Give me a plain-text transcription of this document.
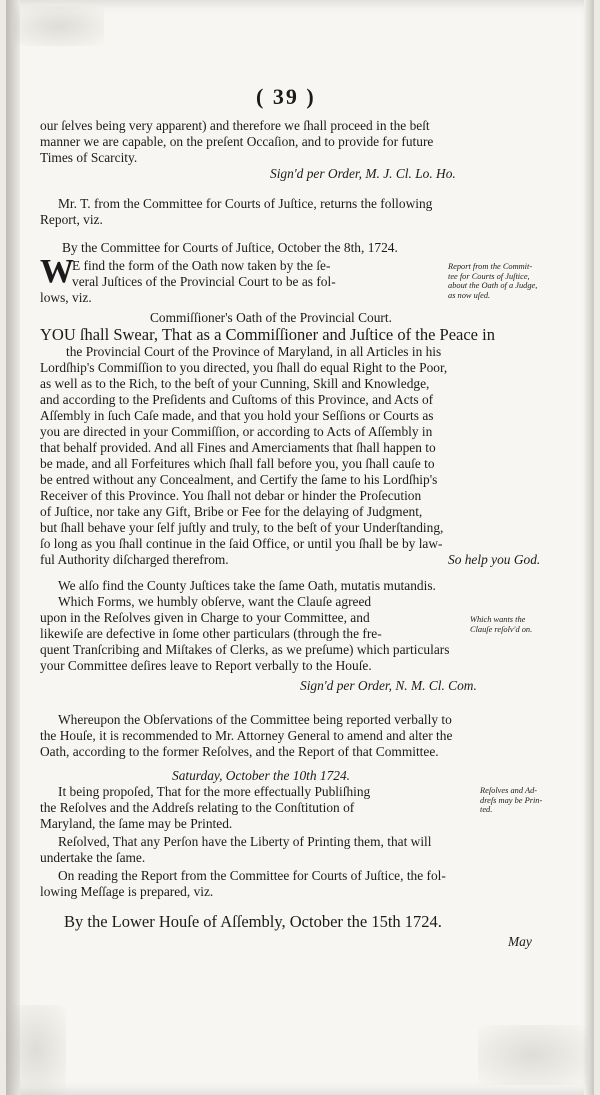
( 39 )
our ſelves being very apparent) and therefore we ſhall proceed in the beſt
manner we are capable, on the preſent Occaſion, and to provide for future
Times of Scarcity.
Sign'd per Order, M. J. Cl. Lo. Ho.
Mr. T. from the Committee for Courts of Juſtice, returns the following
Report, viz.
By the Committee for Courts of Juſtice, October the 8th, 1724.
W
E find the form of the Oath now taken by the ſe-
veral Juſtices of the Provincial Court to be as fol-
lows, viz.
Report from the Commit-
tee for Courts of Juſtice,
about the Oath of a Judge,
as now uſed.
Commiſſioner's Oath of the Provincial Court.
YOU ſhall Swear, That as a Commiſſioner and Juſtice of the Peace in
the Provincial Court of the Province of Maryland, in all Articles in his
Lordſhip's Commiſſion to you directed, you ſhall do equal Right to the Poor,
as well as to the Rich, to the beſt of your Cunning, Skill and Knowledge,
and according to the Preſidents and Cuſtoms of this Province, and Acts of
Aſſembly in ſuch Caſe made, and that you hold your Seſſions or Courts as
you are directed in your Commiſſion, or according to Acts of Aſſembly in
that behalf provided. And all Fines and Amerciaments that ſhall happen to
be made, and all Forfeitures which ſhall fall before you, you ſhall cauſe to
be entred without any Concealment, and Certify the ſame to his Lordſhip's
Receiver of this Province. You ſhall not debar or hinder the Proſecution
of Juſtice, nor take any Gift, Bribe or Fee for the delaying of Judgment,
but ſhall behave your ſelf juſtly and truly, to the beſt of your Underſtanding,
ſo long as you ſhall continue in the ſaid Office, or until you ſhall be by law-
ful Authority diſcharged therefrom.	So help you God.
We alſo find the County Juſtices take the ſame Oath, mutatis mutandis.
Which Forms, we humbly obſerve, want the Clauſe agreed
upon in the Reſolves given in Charge to your Committee, and
likewiſe are defective in ſome other particulars (through the fre-
quent Tranſcribing and Miſtakes of Clerks, as we preſume) which particulars
your Committee deſires leave to Report verbally to the Houſe.
Which wants the
Clauſe reſolv'd on.
Sign'd per Order, N. M. Cl. Com.
Whereupon the Obſervations of the Committee being reported verbally to
the Houſe, it is recommended to Mr. Attorney General to amend and alter the
Oath, according to the former Reſolves, and the Report of that Committee.
Saturday, October the 10th 1724.
It being propoſed, That for the more effectually Publiſhing
the Reſolves and the Addreſs relating to the Conſtitution of
Maryland, the ſame may be Printed.
Reſolves and Ad-
dreſs may be Prin-
ted.
Reſolved, That any Perſon have the Liberty of Printing them, that will
undertake the ſame.
On reading the Report from the Committee for Courts of Juſtice, the fol-
lowing Meſſage is prepared, viz.
By the Lower Houſe of Aſſembly, October the 15th 1724.
May
